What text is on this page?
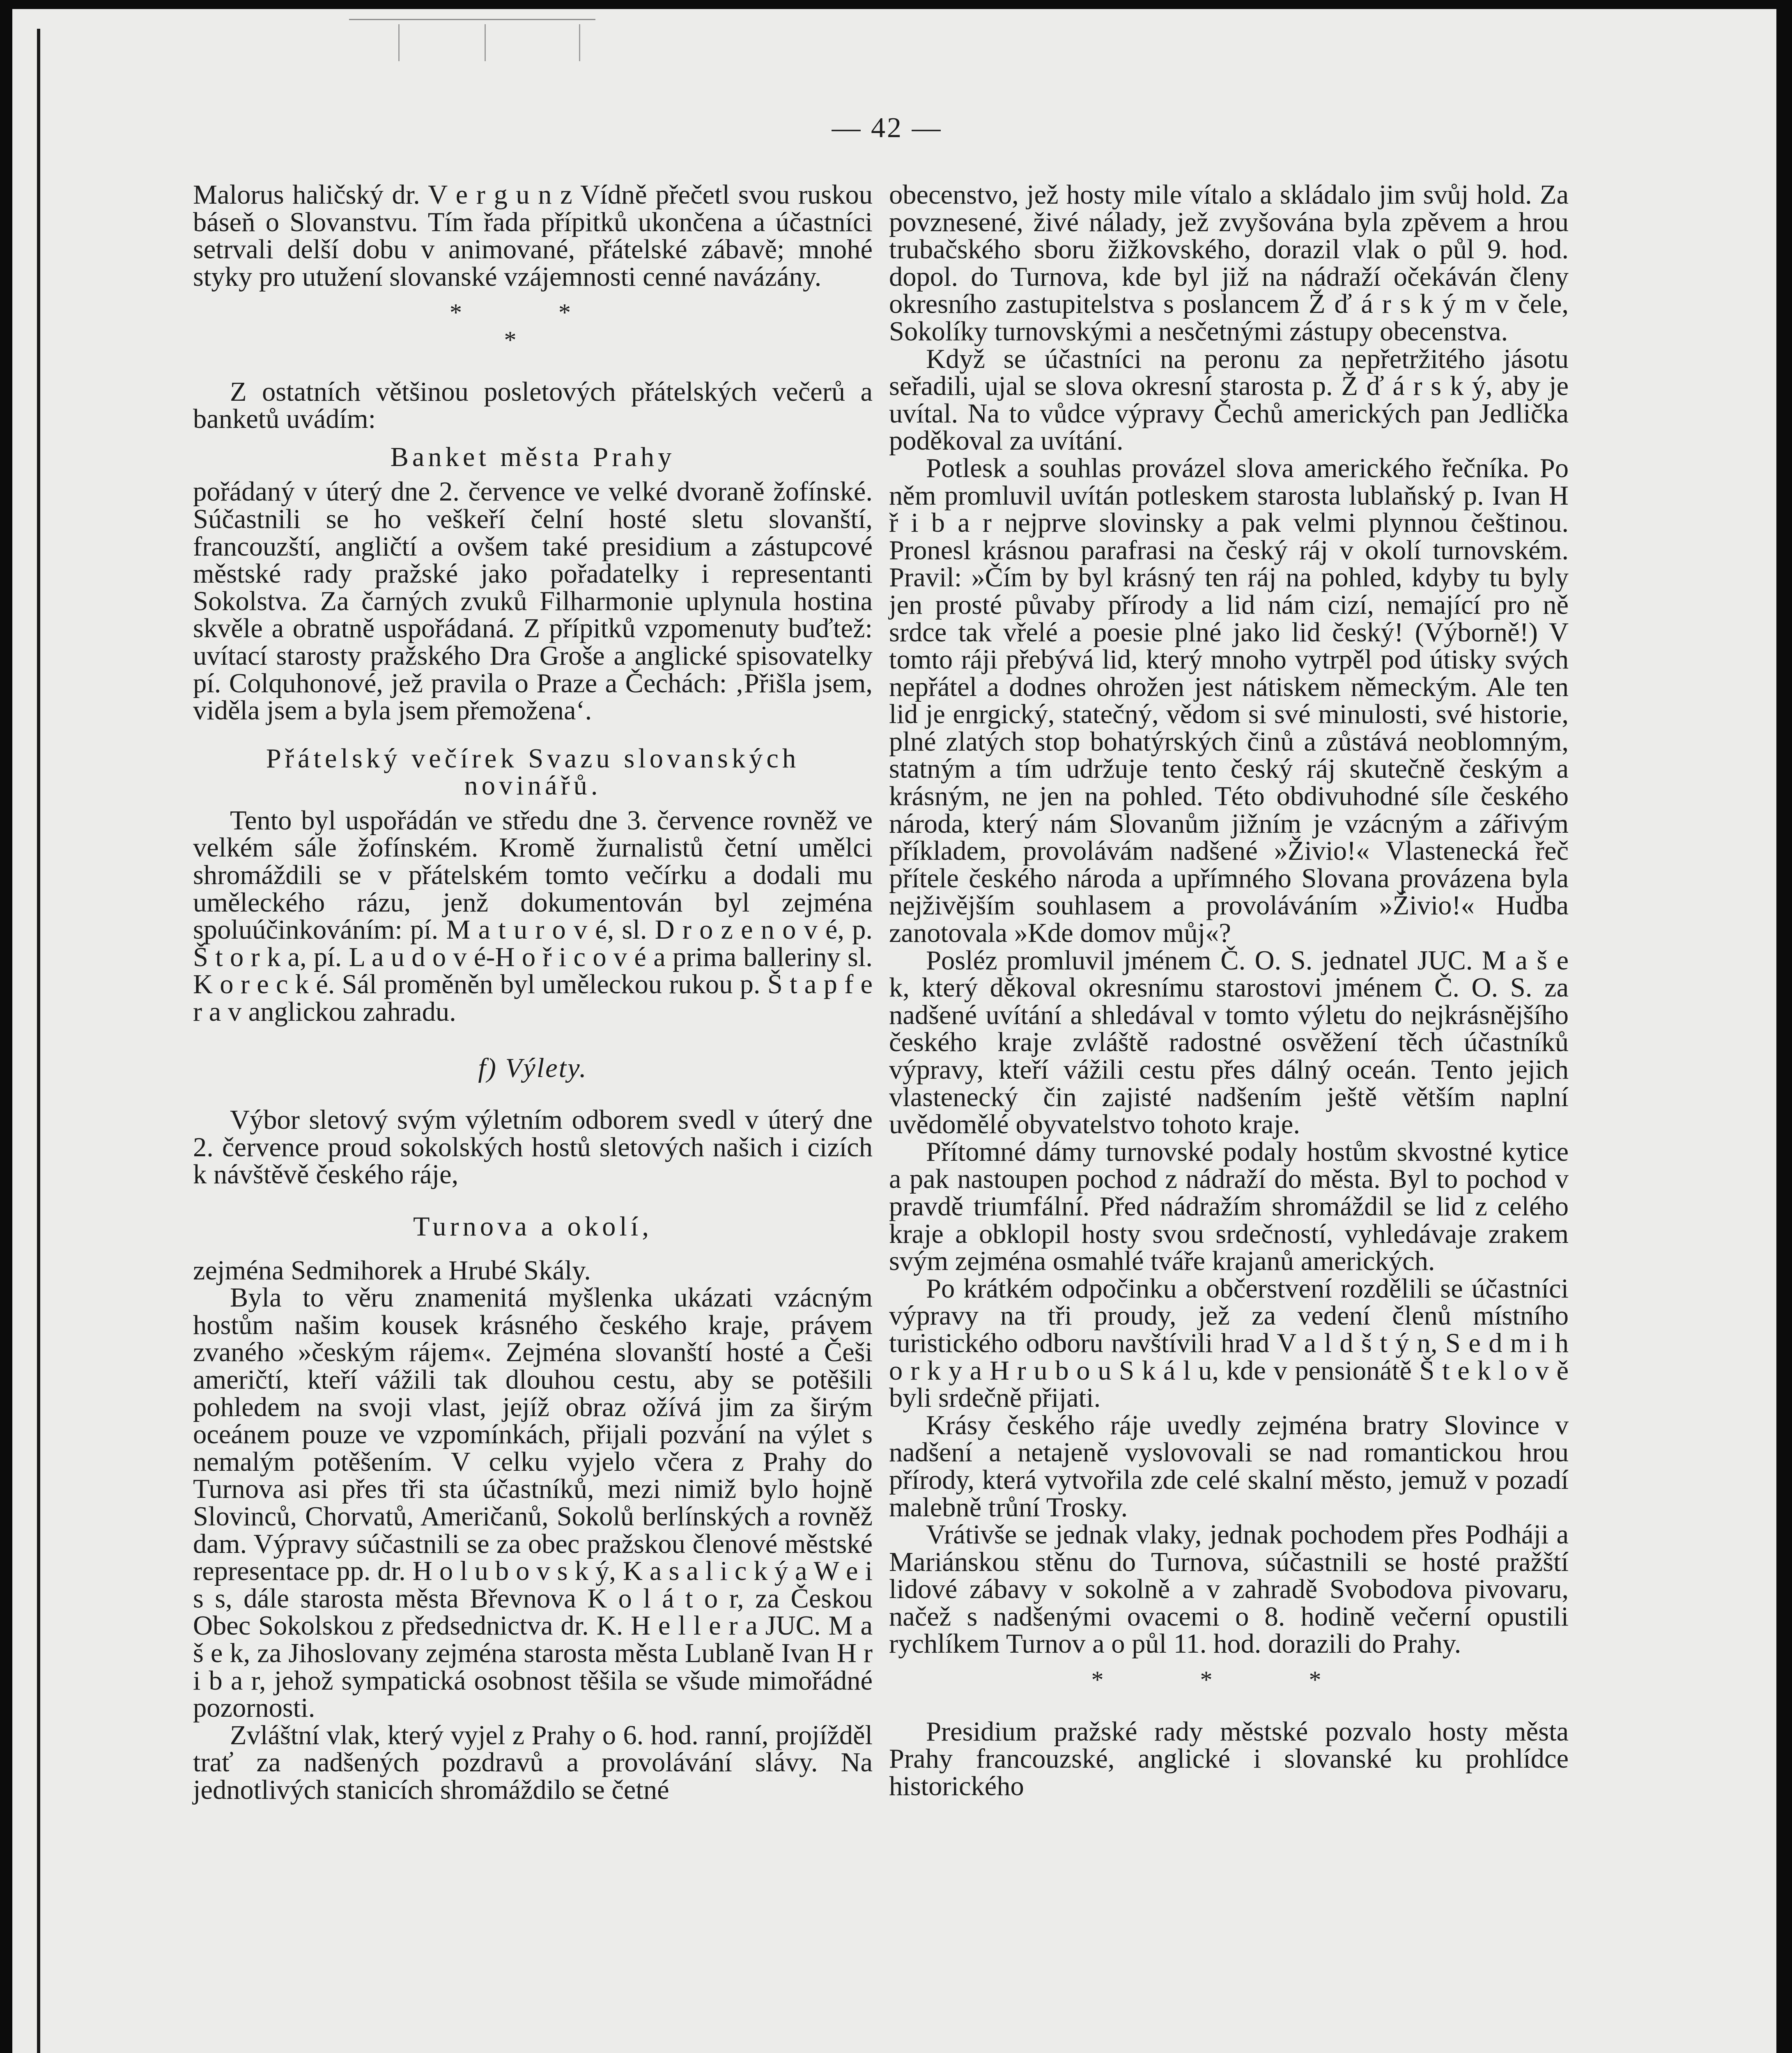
— 42 —

Malorus haličský dr. V e r g u n z Vídně přečetl svou ruskou báseň o Slovanstvu. Tím řada přípitků ukončena a účastníci setrvali delší dobu v animované, přátelské zábavě; mnohé styky pro utužení slovanské vzájemnosti cenné navázány.

* *
*

Z ostatních většinou posletových přátelských večerů a banketů uvádím:

Banket města Prahy

pořádaný v úterý dne 2. července ve velké dvoraně žofínské. Súčastnili se ho veškeří čelní hosté sletu slovanští, francouzští, angličtí a ovšem také presidium a zástupcové městské rady pražské jako pořadatelky i representanti Sokolstva. Za čarných zvuků Filharmonie uplynula hostina skvěle a obratně uspořádaná. Z přípitků vzpomenuty buďtež: uvítací starosty pražského Dra Groše a anglické spisovatelky pí. Colquhonové, jež pravila o Praze a Čechách: ‚Přišla jsem, viděla jsem a byla jsem přemožena‘.

Přátelský večírek Svazu slovanských novinářů.

Tento byl uspořádán ve středu dne 3. července rovněž ve velkém sále žofínském. Kromě žurnalistů četní umělci shromáždili se v přátelském tomto večírku a dodali mu uměleckého rázu, jenž dokumentován byl zejména spoluúčinkováním: pí. M a t u r o v é, sl. D r o z e n o v é, p. Š t o r k a, pí. L a u d o v é-H o ř i c o v é a prima balleriny sl. K o r e c k é. Sál proměněn byl uměleckou rukou p. Š t a p f e r a v anglickou zahradu.

f) Výlety.

Výbor sletový svým výletním odborem svedl v úterý dne 2. července proud sokolských hostů sletových našich i cizích k návštěvě českého ráje,

Turnova a okolí,

zejména Sedmihorek a Hrubé Skály.

Byla to věru znamenitá myšlenka ukázati vzácným hostům našim kousek krásného českého kraje, právem zvaného »českým rájem«. Zejména slovanští hosté a Češi američtí, kteří vážili tak dlouhou cestu, aby se potěšili pohledem na svoji vlast, jejíž obraz ožívá jim za širým oceánem pouze ve vzpomínkách, přijali pozvání na výlet s nemalým potěšením. V celku vyjelo včera z Prahy do Turnova asi přes tři sta účastníků, mezi nimiž bylo hojně Slovinců, Chorvatů, Američanů, Sokolů berlínských a rovněž dam. Výpravy súčastnili se za obec pražskou členové městské representace pp. dr. H o l u b o v s k ý, K a s a l i c k ý a W e i s s, dále starosta města Břevnova K o l á t o r, za Českou Obec Sokolskou z předsednictva dr. K. H e l l e r a JUC. M a š e k, za Jihoslovany zejména starosta města Lublaně Ivan H r i b a r, jehož sympatická osobnost těšila se všude mimořádné pozornosti.

Zvláštní vlak, který vyjel z Prahy o 6. hod. ranní, projížděl trať za nadšených pozdravů a provolávání slávy. Na jednotlivých stanicích shromáždilo se četné

obecenstvo, jež hosty mile vítalo a skládalo jim svůj hold. Za povznesené, živé nálady, jež zvyšována byla zpěvem a hrou trubačského sboru žižkovského, dorazil vlak o půl 9. hod. dopol. do Turnova, kde byl již na nádraží očekáván členy okresního zastupitelstva s poslancem Ž ď á r s k ý m v čele, Sokolíky turnovskými a nesčetnými zástupy obecenstva.

Když se účastníci na peronu za nepřetržitého jásotu seřadili, ujal se slova okresní starosta p. Ž ď á r s k ý, aby je uvítal. Na to vůdce výpravy Čechů amerických pan Jedlička poděkoval za uvítání.

Potlesk a souhlas provázel slova amerického řečníka. Po něm promluvil uvítán potleskem starosta lublaňský p. Ivan H ř i b a r nejprve slovinsky a pak velmi plynnou češtinou. Pronesl krásnou parafrasi na český ráj v okolí turnovském. Pravil: »Čím by byl krásný ten ráj na pohled, kdyby tu byly jen prosté půvaby přírody a lid nám cizí, nemající pro ně srdce tak vřelé a poesie plné jako lid český! (Výborně!) V tomto ráji přebývá lid, který mnoho vytrpěl pod útisky svých nepřátel a dodnes ohrožen jest nátiskem německým. Ale ten lid je enrgický, statečný, vědom si své minulosti, své historie, plné zlatých stop bohatýrských činů a zůstává neoblomným, statným a tím udržuje tento český ráj skutečně českým a krásným, ne jen na pohled. Této obdivuhodné síle českého národa, který nám Slovanům jižním je vzácným a zářivým příkladem, provolávám nadšené »Živio!« Vlastenecká řeč přítele českého národa a upřímného Slovana provázena byla nejživějším souhlasem a provoláváním »Živio!« Hudba zanotovala »Kde domov můj«?

Posléz promluvil jménem Č. O. S. jednatel JUC. M a š e k, který děkoval okresnímu starostovi jménem Č. O. S. za nadšené uvítání a shledával v tomto výletu do nejkrásnějšího českého kraje zvláště radostné osvěžení těch účastníků výpravy, kteří vážili cestu přes dálný oceán. Tento jejich vlastenecký čin zajisté nadšením ještě větším naplní uvědomělé obyvatelstvo tohoto kraje.

Přítomné dámy turnovské podaly hostům skvostné kytice a pak nastoupen pochod z nádraží do města. Byl to pochod v pravdě triumfální. Před nádražím shromáždil se lid z celého kraje a obklopil hosty svou srdečností, vyhledávaje zrakem svým zejména osmahlé tváře krajanů amerických.

Po krátkém odpočinku a občerstvení rozdělili se účastníci výpravy na tři proudy, jež za vedení členů místního turistického odboru navštívili hrad V a l d š t ý n, S e d m i h o r k y a H r u b o u S k á l u, kde v pensionátě Š t e k l o v ě byli srdečně přijati.

Krásy českého ráje uvedly zejména bratry Slovince v nadšení a netajeně vyslovovali se nad romantickou hrou přírody, která vytvořila zde celé skalní město, jemuž v pozadí malebně trůní Trosky.

Vrátivše se jednak vlaky, jednak pochodem přes Podháji a Mariánskou stěnu do Turnova, súčastnili se hosté pražští lidové zábavy v sokolně a v zahradě Svobodova pivovaru, načež s nadšenými ovacemi o 8. hodině večerní opustili rychlíkem Turnov a o půl 11. hod. dorazili do Prahy.

* * *

Presidium pražské rady městské pozvalo hosty města Prahy francouzské, anglické i slovanské ku prohlídce historického
